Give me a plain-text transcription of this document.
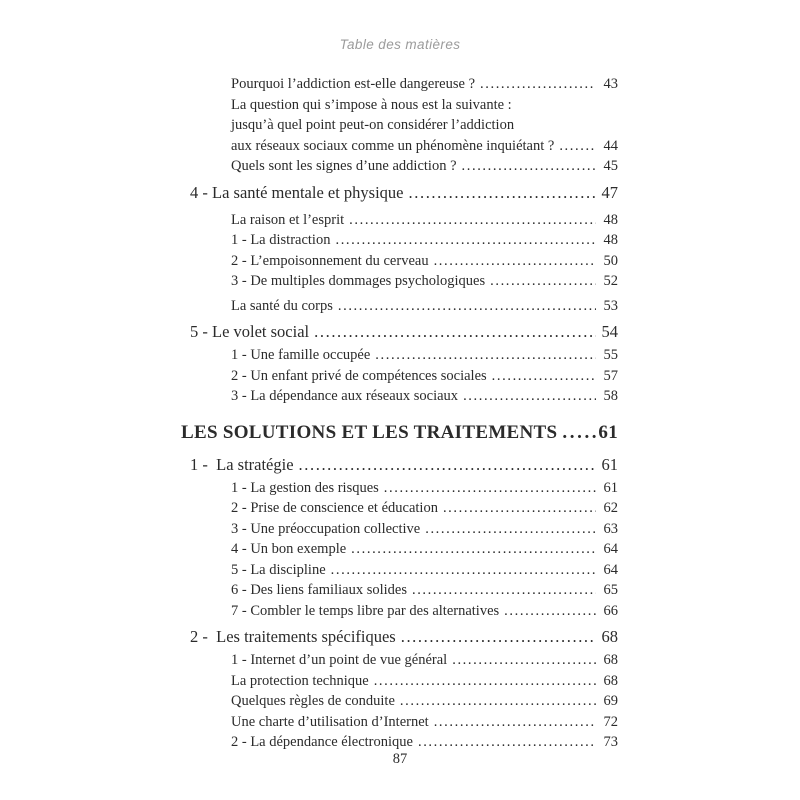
Table des matières
Pourquoi l’addiction est-elle dangereuse ? .....	43
La question qui s’impose à nous est la suivante :
jusqu’à quel point peut-on considérer l’addiction
aux réseaux sociaux comme un phénomène inquiétant ? .....	44
Quels sont les signes d’une addiction ? .....	45
4 - La santé mentale et physique .....	47
La raison et l’esprit .....	48
1 - La distraction .....	48
2 - L’empoisonnement du cerveau .....	50
3 - De multiples dommages psychologiques .....	52
La santé du corps .....	53
5 - Le volet social .....	54
1 - Une famille occupée .....	55
2 - Un enfant privé de compétences sociales .....	57
3 - La dépendance aux réseaux sociaux .....	58
LES SOLUTIONS ET LES TRAITEMENTS ..... 61
1 - La stratégie .....	61
1 - La gestion des risques .....	61
2 - Prise de conscience et éducation .....	62
3 - Une préoccupation collective .....	63
4 - Un bon exemple .....	64
5 - La discipline .....	64
6 - Des liens familiaux solides .....	65
7 - Combler le temps libre par des alternatives .....	66
2 - Les traitements spécifiques .....	68
1 - Internet d’un point de vue général .....	68
La protection technique .....	68
Quelques règles de conduite .....	69
Une charte d’utilisation d’Internet .....	72
2 - La dépendance électronique .....	73
87
